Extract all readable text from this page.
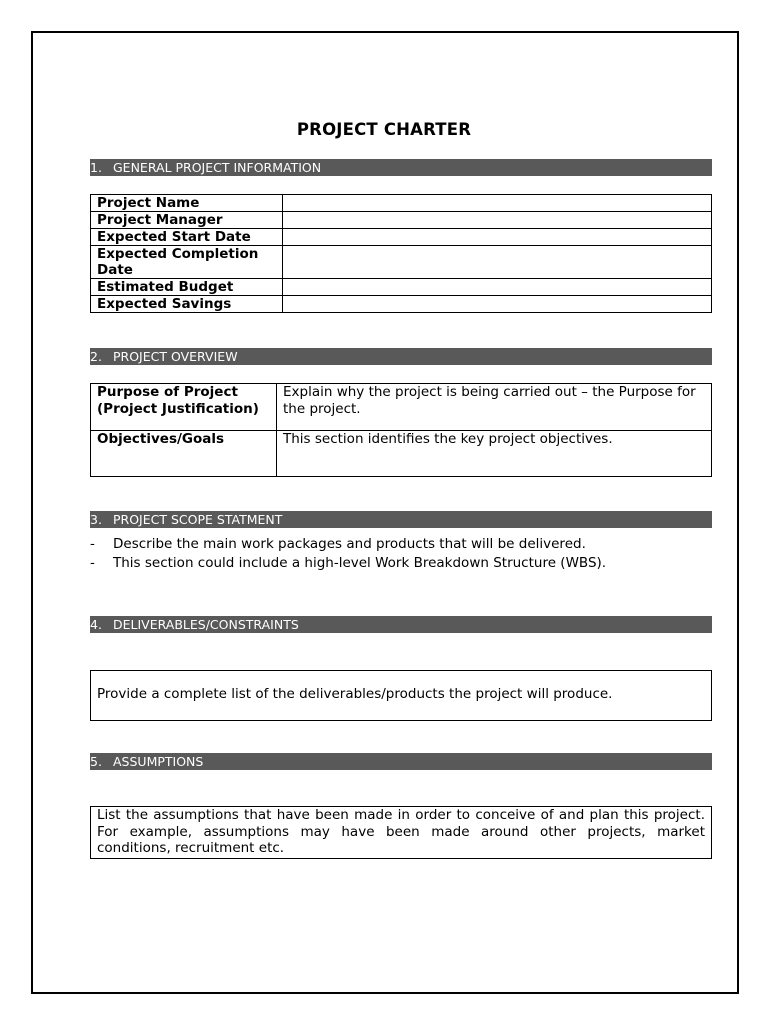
PROJECT CHARTER
1. GENERAL PROJECT INFORMATION
Project Name	
Project Manager	
Expected Start Date	
Expected Completion Date	
Estimated Budget	
Expected Savings	
2. PROJECT OVERVIEW
Purpose of Project (Project Justification)	Explain why the project is being carried out – the Purpose for the project.
Objectives/Goals	This section identifies the key project objectives.
3. PROJECT SCOPE STATMENT
- Describe the main work packages and products that will be delivered.
- This section could include a high-level Work Breakdown Structure (WBS).
4. DELIVERABLES/CONSTRAINTS
Provide a complete list of the deliverables/products the project will produce.
5. ASSUMPTIONS

List the assumptions that have been made in order to conceive of and plan this project. For example, assumptions may have been made around other projects, market conditions, recruitment etc.
